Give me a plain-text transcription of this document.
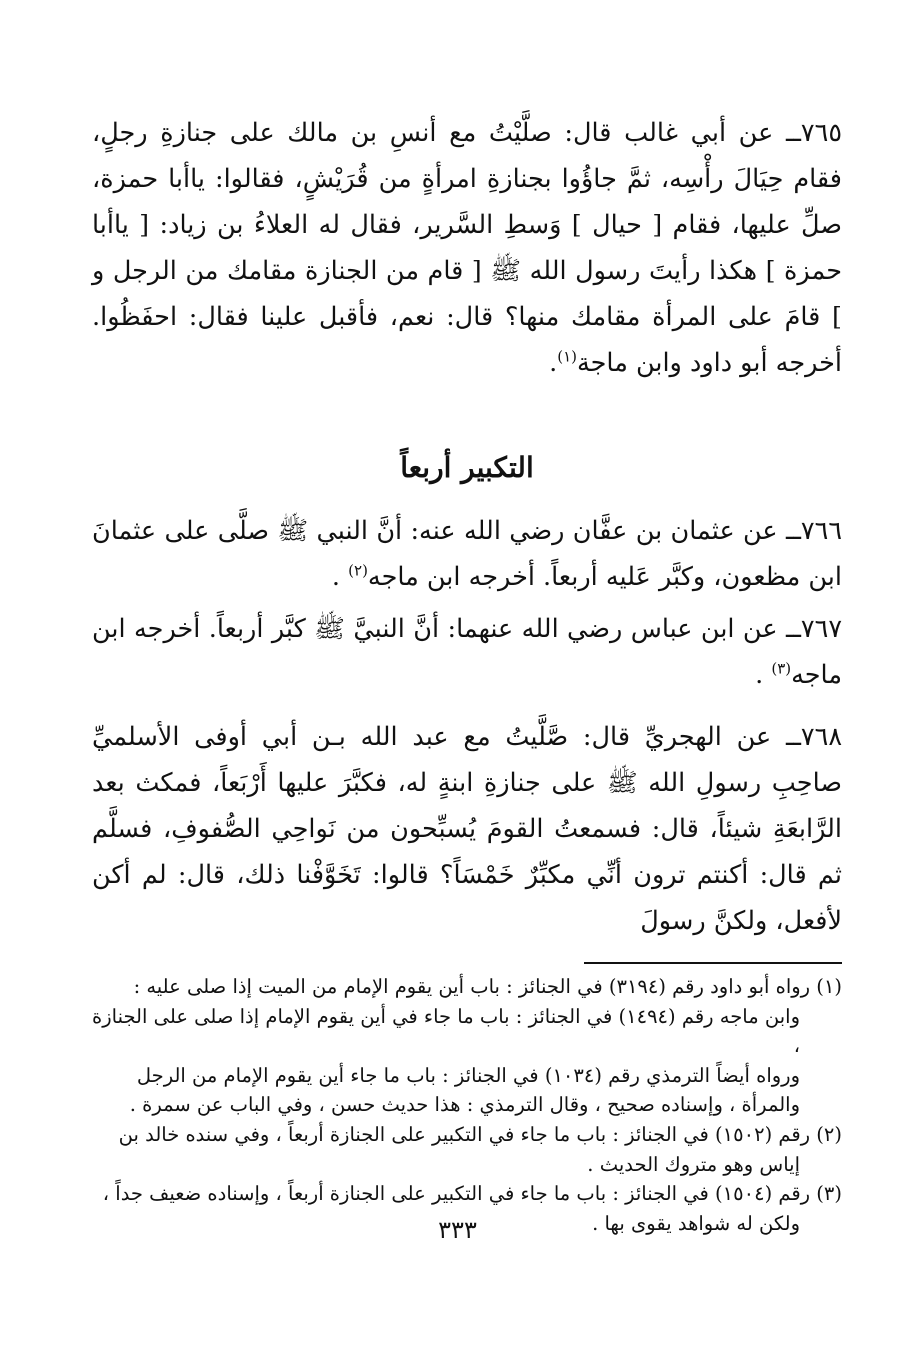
٧٦٥ــ عن أبي غالب قال: صلَّيْتُ مع أنسِ بن مالك على جنازةِ رجلٍ، فقام حِيَالَ رأْسِه، ثمَّ جاؤُوا بجنازةِ امرأةٍ من قُرَيْشٍ، فقالوا: ياأبا حمزة، صلِّ عليها، فقام [ حيال ] وَسطِ السَّرير، فقال له العلاءُ بن زياد: [ ياأبا حمزة ] هكذا رأيتَ رسول الله ﷺ [ قام من الجنازة مقامك من الرجل و ] قامَ على المرأة مقامك منها؟ قال: نعم، فأقبل علينا فقال: احفَظُوا. أخرجه أبو داود وابن ماجة$^{(١)}$.

التكبير أربعاً

٧٦٦ــ عن عثمان بن عفَّان رضي الله عنه: أنَّ النبي ﷺ صلَّى على عثمانَ ابن مظعون، وكبَّر عَليه أربعاً. أخرجه ابن ماجه$^{(٢)}$ .

٧٦٧ــ عن ابن عباس رضي الله عنهما: أنَّ النبيَّ ﷺ كبَّر أربعاً. أخرجه ابن ماجه$^{(٣)}$ .

٧٦٨ــ عن الهجريِّ قال: صَّلَّيتُ مع عبد الله بـن أبي أوفى الأسلميِّ صاحِبِ رسولِ الله ﷺ على جنازةِ ابنةٍ له، فكبَّرَ عليها أَرْبَعاً، فمكث بعد الرَّابعَةِ شيئاً، قال: فسمعتُ القومَ يُسبِّحون من نَواحِي الصُّفوفِ، فسلَّم ثم قال: أكنتم ترون أنِّي مكبِّرٌ خَمْسَاً؟ قالوا: تَخَوَّفْنا ذلك، قال: لم أكن لأفعل، ولكنَّ رسولَ

(١) رواه أبو داود رقم (٣١٩٤) في الجنائز : باب أين يقوم الإمام من الميت إذا صلى عليه :

وابن ماجه رقم (١٤٩٤) في الجنائز : باب ما جاء في أين يقوم الإمام إذا صلى على الجنازة ،

ورواه أيضاً الترمذي رقم (١٠٣٤) في الجنائز : باب ما جاء أين يقوم الإمام من الرجل

والمرأة ، وإسناده صحيح ، وقال الترمذي : هذا حديث حسن ، وفي الباب عن سمرة .

(٢) رقم (١٥٠٢) في الجنائز : باب ما جاء في التكبير على الجنازة أربعاً ، وفي سنده خالد بن

إياس وهو متروك الحديث .

(٣) رقم (١٥٠٤) في الجنائز : باب ما جاء في التكبير على الجنازة أربعاً ، وإسناده ضعيف جداً ،

ولكن له شواهد يقوى بها .

٣٣٣
